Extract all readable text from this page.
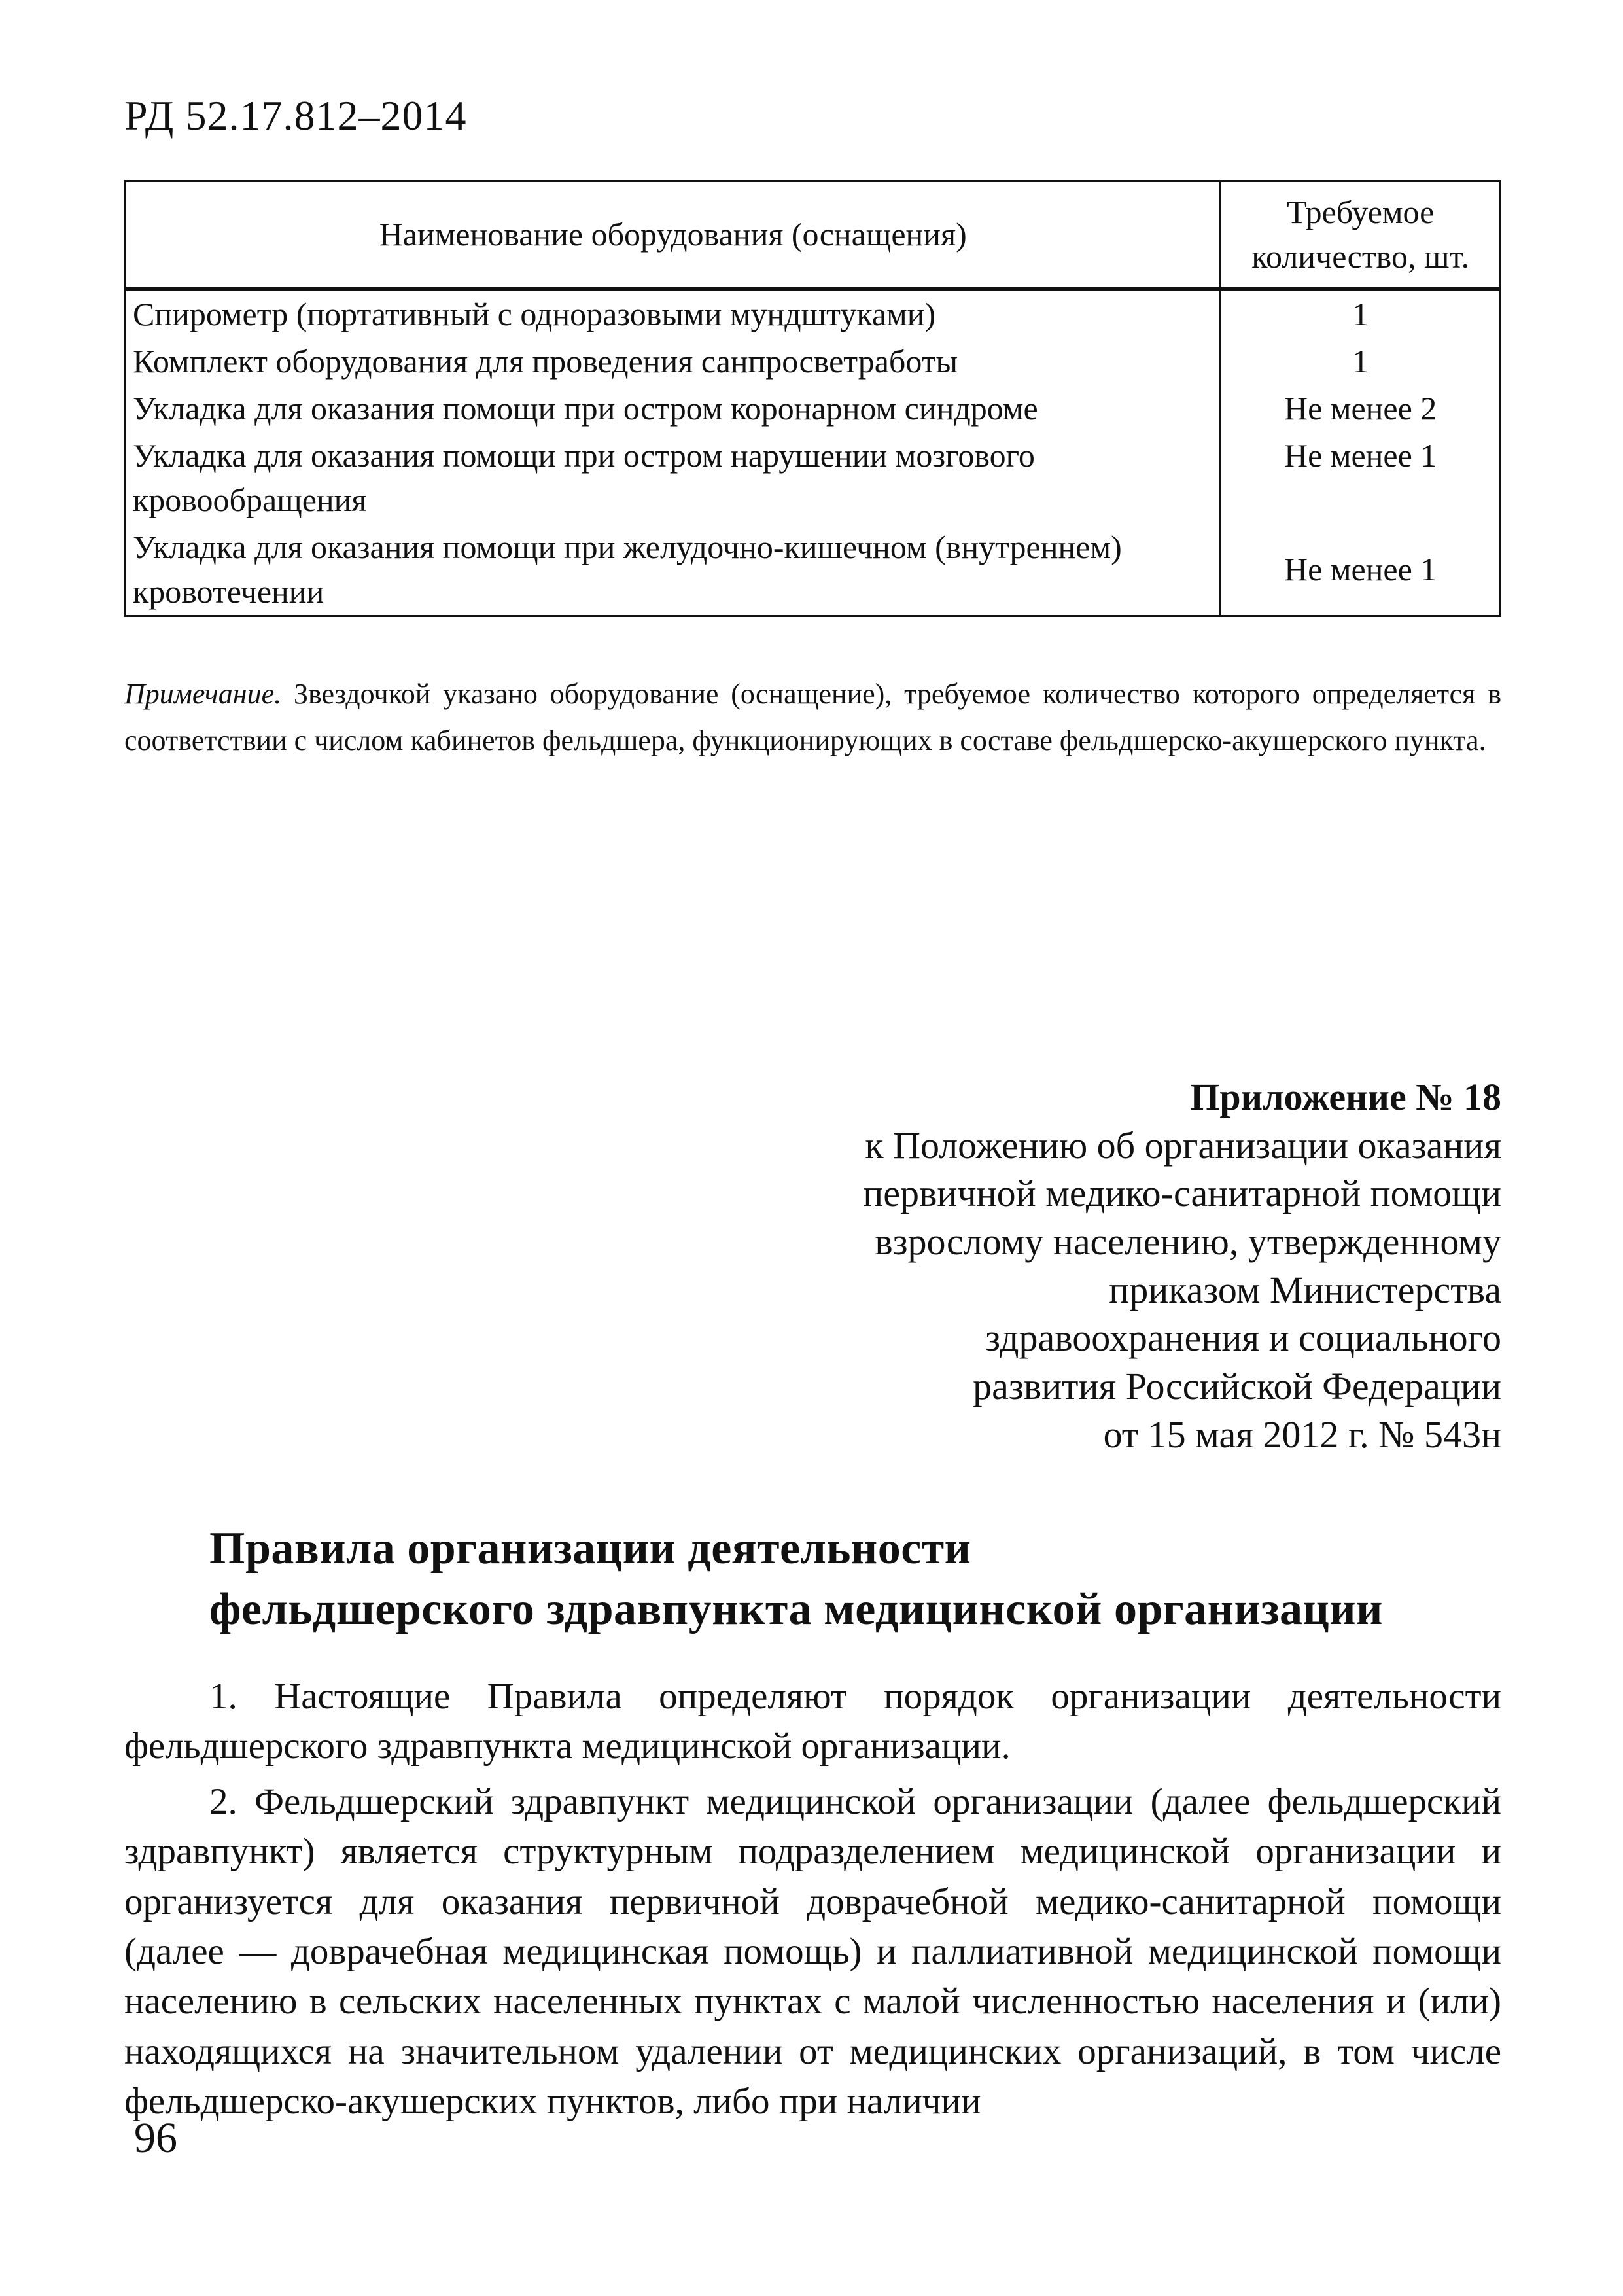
РД 52.17.812–2014
Наименование оборудования (оснащения)	Требуемое количество, шт.
Спирометр (портативный с одноразовыми мундштуками)	1
Комплект оборудования для проведения санпросветработы	1
Укладка для оказания помощи при остром коронарном синдроме	Не менее 2
Укладка для оказания помощи при остром нарушении мозгового кровообращения	Не менее 1
Укладка для оказания помощи при желудочно-кишечном (внутреннем) кровотечении	Не менее 1
Примечание. Звездочкой указано оборудование (оснащение), требуемое количество которого определяется в соответствии с числом кабинетов фельдшера, функционирующих в составе фельдшерско-акушерского пункта.
Приложение № 18
к Положению об организации оказания
первичной медико-санитарной помощи
взрослому населению, утвержденному
приказом Министерства
здравоохранения и социального
развития Российской Федерации
от 15 мая 2012 г. № 543н
Правила организации деятельности
фельдшерского здравпункта медицинской организации

1. Настоящие Правила определяют порядок организации деятельности фельдшерского здравпункта медицинской организации.

2. Фельдшерский здравпункт медицинской организации (далее фельдшерский здравпункт) является структурным подразделением медицинской организации и организуется для оказания первичной доврачебной медико-санитарной помощи (далее — доврачебная медицинская помощь) и паллиативной медицинской помощи населению в сельских населенных пунктах с малой численностью населения и (или) находящихся на значительном удалении от медицинских организаций, в том числе фельдшерско-акушерских пунктов, либо при наличии

96
